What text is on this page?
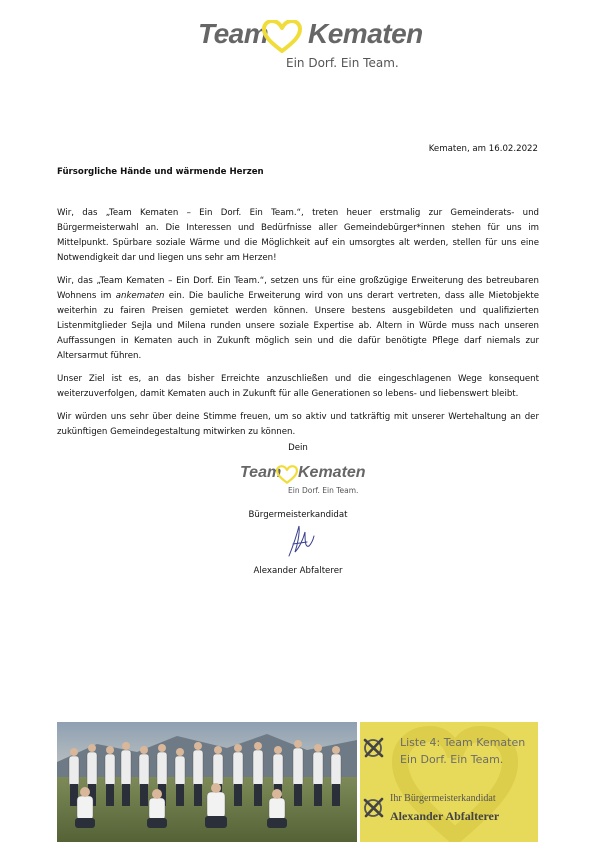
Team Kematen
Ein Dorf. Ein Team.
Kematen, am 16.02.2022
Fürsorgliche Hände und wärmende Herzen

Wir, das „Team Kematen – Ein Dorf. Ein Team.“, treten heuer erstmalig zur Gemeinderats- und Bürgermeisterwahl an. Die Interessen und Bedürfnisse aller Gemeindebürger*innen stehen für uns im Mittelpunkt. Spürbare soziale Wärme und die Möglichkeit auf ein umsorgtes alt werden, stellen für uns eine Notwendigkeit dar und liegen uns sehr am Herzen!

Wir, das „Team Kematen – Ein Dorf. Ein Team.“, setzen uns für eine großzügige Erweiterung des betreubaren Wohnens im ankematen ein. Die bauliche Erweiterung wird von uns derart vertreten, dass alle Mietobjekte weiterhin zu fairen Preisen gemietet werden können. Unsere bestens ausgebildeten und qualifizierten Listenmitglieder Sejla und Milena runden unsere soziale Expertise ab. Altern in Würde muss nach unseren Auffassungen in Kematen auch in Zukunft möglich sein und die dafür benötigte Pflege darf niemals zur Altersarmut führen.

Unser Ziel ist es, an das bisher Erreichte anzuschließen und die eingeschlagenen Wege konsequent weiterzuverfolgen, damit Kematen auch in Zukunft für alle Generationen so lebens- und liebenswert bleibt.

Wir würden uns sehr über deine Stimme freuen, um so aktiv und tatkräftig mit unserer Wertehaltung an der zukünftigen Gemeindegestaltung mitwirken zu können.

Dein
Team Kematen
Ein Dorf. Ein Team.
Bürgermeisterkandidat
Alexander Abfalterer
Liste 4: Team Kematen
Ein Dorf. Ein Team.
Ihr Bürgermeisterkandidat
Alexander Abfalterer
